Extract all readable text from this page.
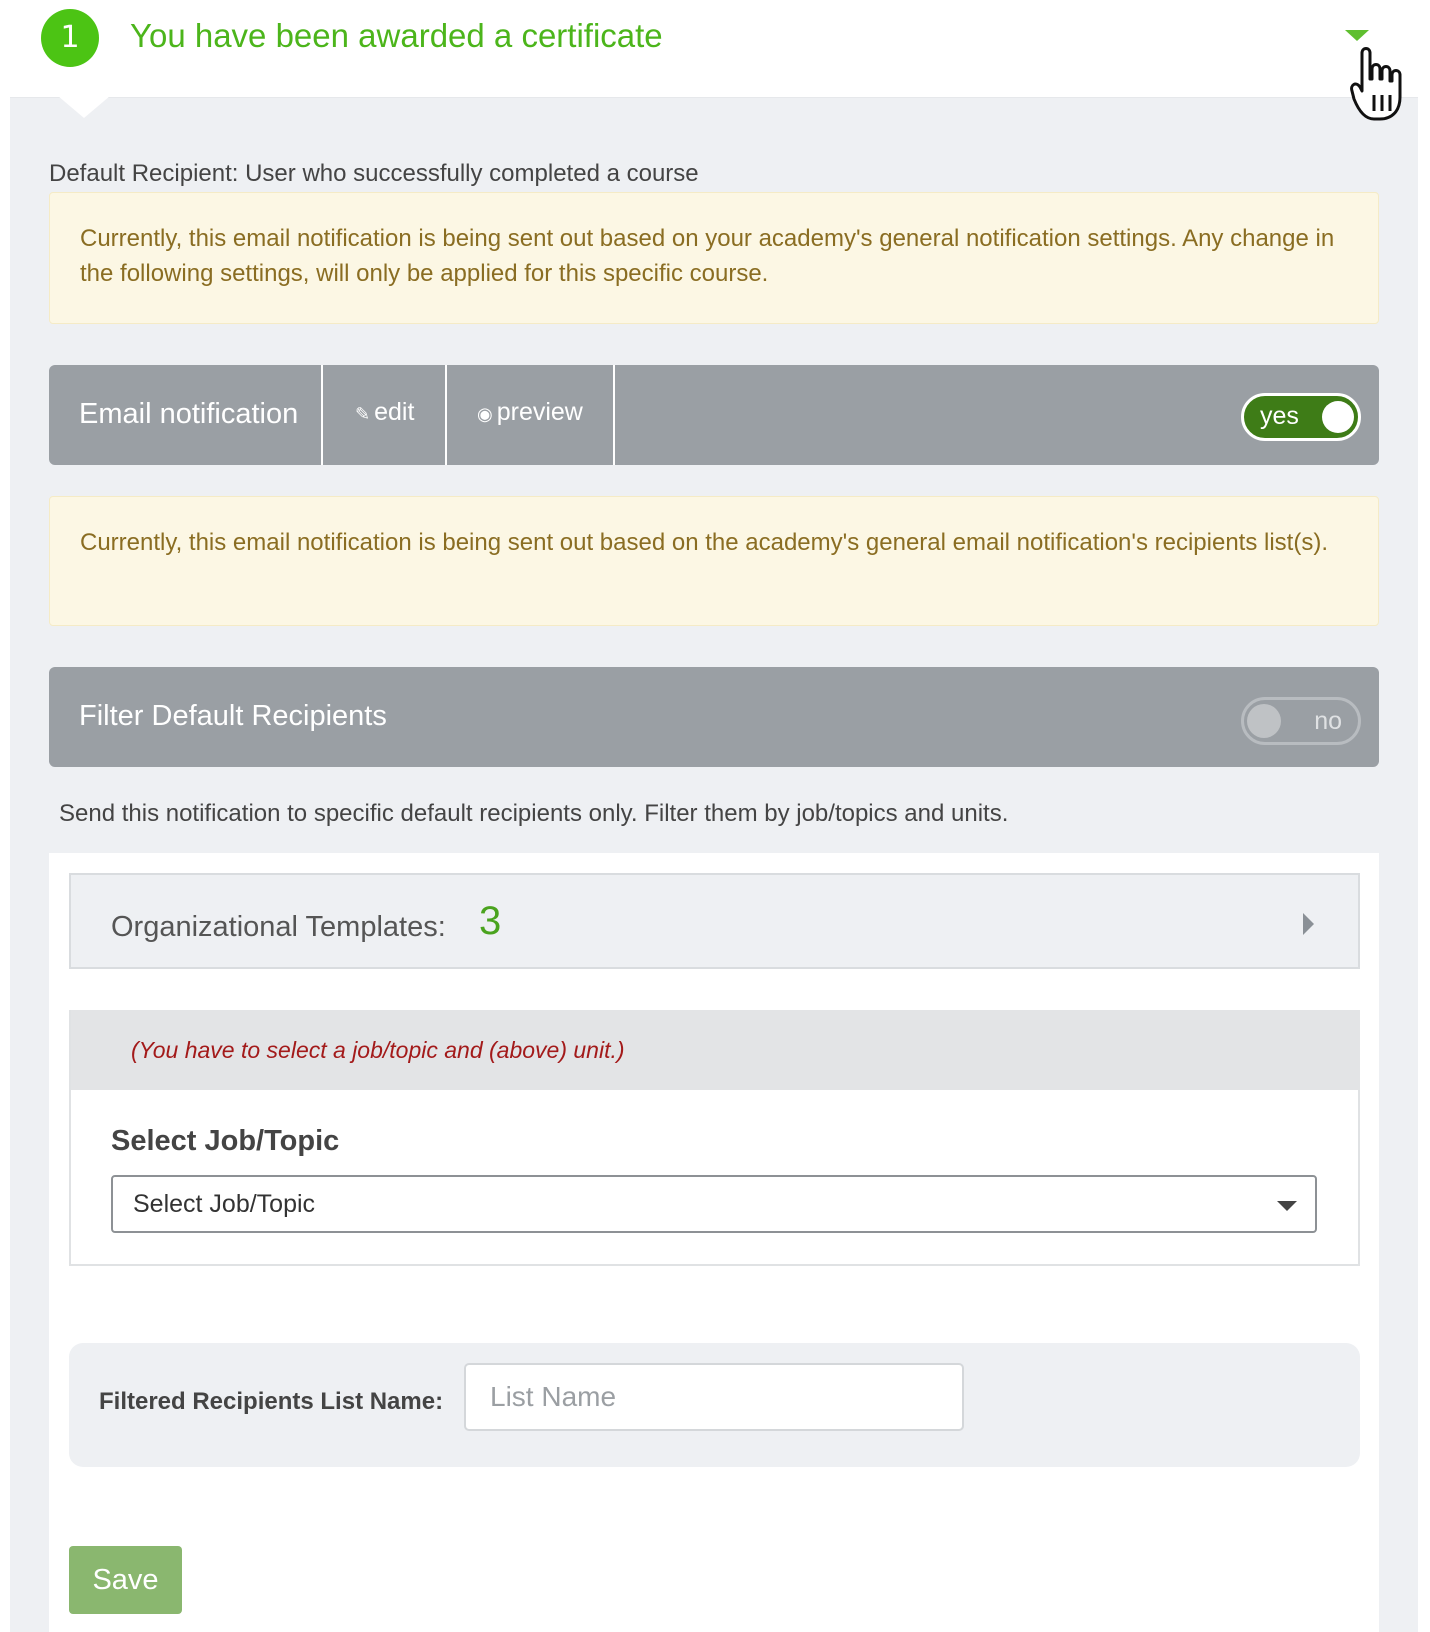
1	You have been awarded a certificate
Default Recipient: User who successfully completed a course
Currently, this email notification is being sent out based on your academy's general notification settings. Any change in the following settings, will only be applied for this specific course.
Email notification	✎ edit	◉ preview	yes
Currently, this email notification is being sent out based on the academy's general email notification's recipients list(s).
Filter Default Recipients	no
Send this notification to specific default recipients only. Filter them by job/topics and units.
Organizational Templates: 3
(You have to select a job/topic and (above) unit.)
Select Job/Topic
Select Job/Topic
Filtered Recipients List Name:
List Name
Save
